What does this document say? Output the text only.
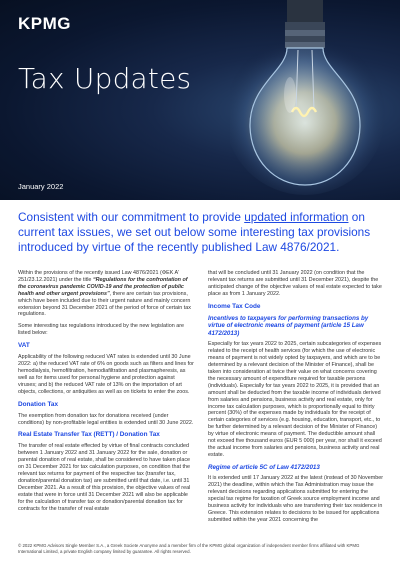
KPMG
Tax Updates
January 2022
Consistent with our commitment to provide updated information on current tax issues, we set out below some interesting tax provisions introduced by virtue of the recently published Law 4876/2021.

Within the provisions of the recently issued Law 4876/2021 (ΦΕΚ Α’ 251/23.12.2021) under the title “Regulations for the confrontation of the coronavirus pandemic COVID-19 and the protection of public health and other urgent provisions”, there are certain tax provisions, which have been included due to their urgent nature and mainly concern extension beyond 31 December 2021 of the period of force of certain tax regulations.

Some interesting tax regulations introduced by the new legislation are listed below:

VAT

Applicability of the following reduced VAT rates is extended until 30 June 2022: a) the reduced VAT rate of 6% on goods such as filters and lines for hemodialysis, hemofiltration, hemodiafiltration and plasmapheresis, as well as for items used for personal hygiene and protection against viruses; and b) the reduced VAT rate of 13% on the importation of art objects, collections, or antiquities as well as on tickets to enter the zoos.

Donation Tax

The exemption from donation tax for donations received (under conditions) by non-profitable legal entities is extended until 30 June 2022.

Real Estate Transfer Tax (RETT) / Donation Tax

The transfer of real estate effected by virtue of final contracts concluded between 1 January 2022 and 31 January 2022 for the sale, donation or parental donation of real estate, shall be considered to have taken place on 31 December 2021 for tax calculation purposes, on condition that the relevant tax returns for payment of the respective tax (transfer tax, donation/parental donation tax) are submitted until that date, i.e. until 31 December 2021. As a result of this provision, the objective values of real estate that were in force until 31 December 2021 will also be applicable for the calculation of transfer tax or donation/parental donation tax for contracts for the transfer of real estate

that will be concluded until 31 January 2022 (on condition that the relevant tax returns are submitted until 31 December 2021), despite the anticipated change of the objective values of real estate expected to take place as from 1 January 2022.

Income Tax Code
Incentives to taxpayers for performing transactions by virtue of electronic means of payment (article 15 Law 4172/2013)

Especially for tax years 2022 to 2025, certain subcategories of expenses related to the receipt of health services (for which the use of electronic means of payment is not widely opted by taxpayers, and which are to be determined by a relevant decision of the Minister of Finance), shall be taken into consideration at twice their value on what concerns covering the necessary amount of expenditure required for taxable persons (individuals). Especially for tax years 2022 to 2025, it is provided that an amount shall be deducted from the taxable income of individuals derived from salaries and pensions, business activity and real estate, only for income tax calculation purposes, which is proportionally equal to thirty percent (30%) of the expenses made by individuals for the receipt of certain categories of services (e.g. housing, education, transport, etc., to be further determined by a relevant decision of the Minister of Finance) by virtue of electronic means of payment. The deductible amount shall not exceed five thousand euros (EUR 5 000) per year, nor shall it exceed the actual income from salaries and pensions, business activity and real estate.

Regime of article 5C of Law 4172/2013

It is extended until 17 January 2022 at the latest (instead of 30 November 2021) the deadline, within which the Tax Administration may issue the relevant decisions regarding applications submitted for entering the special tax regime for taxation of Greek source employment income and business activity for individuals who are transferring their tax residence in Greece. This extension relates to decisions to be issued for applications submitted within the year 2021 concerning the

© 2022 KPMG Advisors Single Member S.A., a Greek Societe Anonyme and a member firm of the KPMG global organization of independent member firms affiliated with KPMG International Limited, a private English company limited by guarantee. All rights reserved.
